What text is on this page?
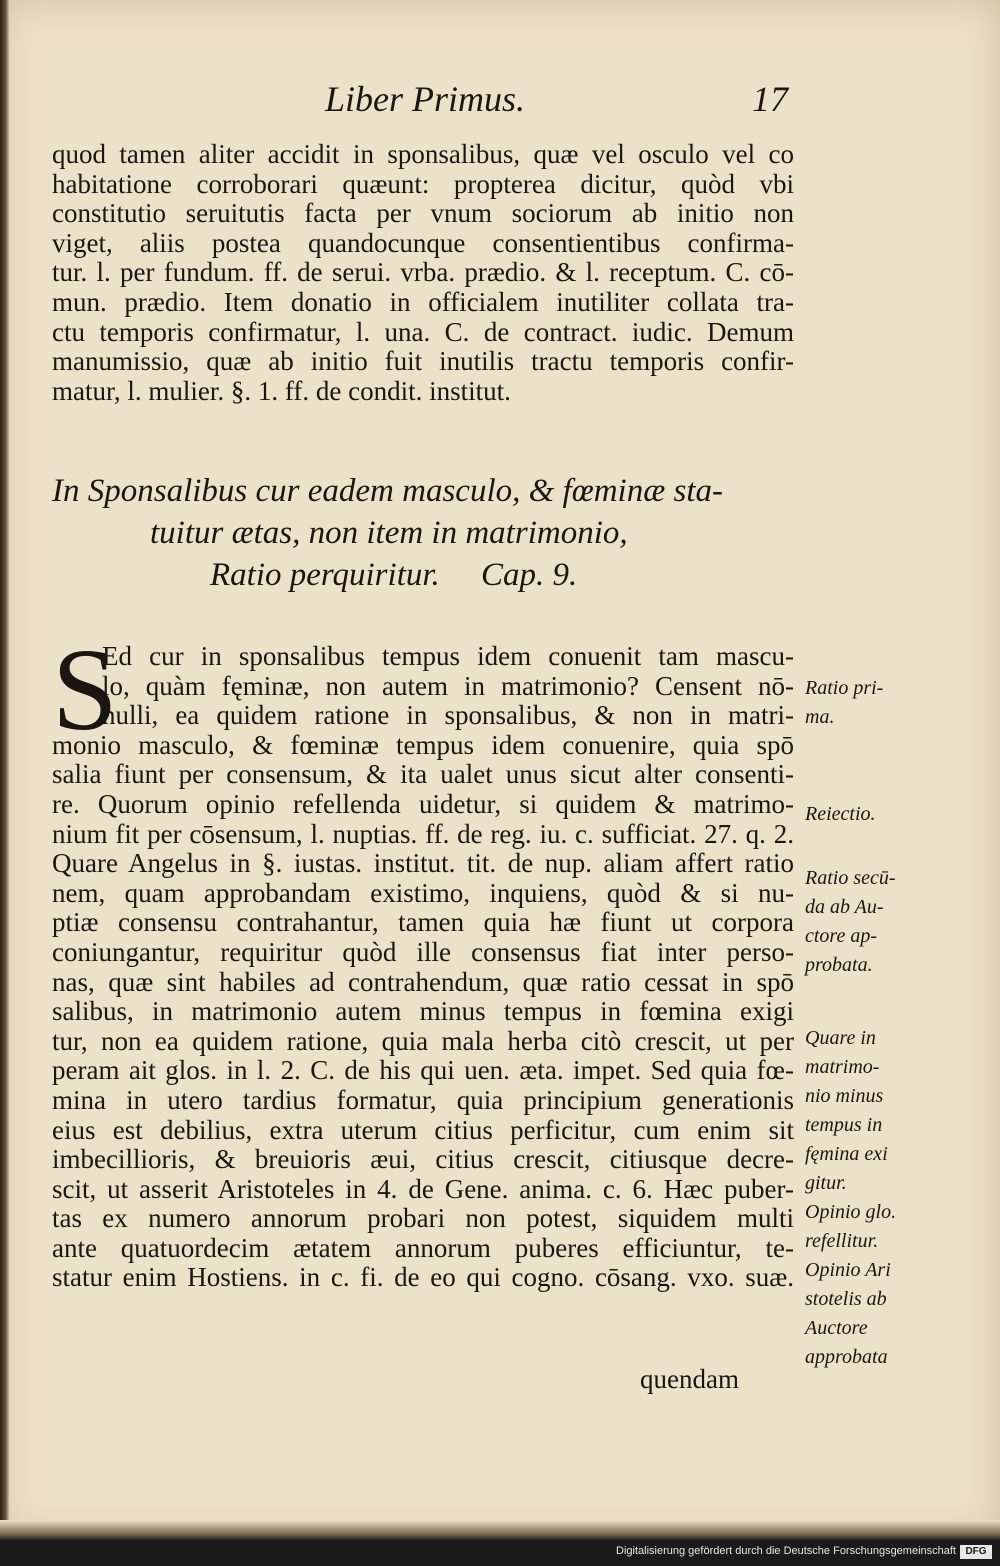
Liber Primus.	17
quod tamen aliter accidit in sponsalibus, quæ vel osculo vel co
habitatione corroborari quæunt: propterea dicitur, quòd vbi
constitutio seruitutis facta per vnum sociorum ab initio non
viget, aliis postea quandocunque consentientibus confirma-
tur. l. per fundum. ff. de serui. vrba. prædio. & l. receptum. C. cō-
mun. prædio. Item donatio in officialem inutiliter collata tra-
ctu temporis confirmatur, l. una. C. de contract. iudic. Demum
manumissio, quæ ab initio fuit inutilis tractu temporis confir-
matur, l. mulier. §. 1. ff. de condit. institut.
In Sponsalibus cur eadem masculo, & fœminæ sta-
tuitur ætas, non item in matrimonio,
Ratio perquiritur.     Cap. 9.
S
Ed cur in sponsalibus tempus idem conuenit tam mascu-
lo, quàm fęminæ, non autem in matrimonio? Censent nō-
nulli, ea quidem ratione in sponsalibus, & non in matri-
monio masculo, & fœminæ tempus idem conuenire, quia spō
salia fiunt per consensum, & ita ualet unus sicut alter consenti-
re. Quorum opinio refellenda uidetur, si quidem & matrimo-
nium fit per cōsensum, l. nuptias. ff. de reg. iu. c. sufficiat. 27. q. 2.
Quare Angelus in §. iustas. institut. tit. de nup. aliam affert ratio
nem, quam approbandam existimo, inquiens, quòd & si nu-
ptiæ consensu contrahantur, tamen quia hæ fiunt ut corpora
coniungantur, requiritur quòd ille consensus fiat inter perso-
nas, quæ sint habiles ad contrahendum, quæ ratio cessat in spō
salibus, in matrimonio autem minus tempus in fœmina exigi
tur, non ea quidem ratione, quia mala herba citò crescit, ut per
peram ait glos. in l. 2. C. de his qui uen. æta. impet. Sed quia fœ-
mina in utero tardius formatur, quia principium generationis
eius est debilius, extra uterum citius perficitur, cum enim sit
imbecillioris, & breuioris æui, citius crescit, citiusque decre-
scit, ut asserit Aristoteles in 4. de Gene. anima. c. 6. Hæc puber-
tas ex numero annorum probari non potest, siquidem multi
ante quatuordecim ætatem annorum puberes efficiuntur, te-
statur enim Hostiens. in c. fi. de eo qui cogno. cōsang. vxo. suæ.
quendam
Ratio pri-
ma.
Reiectio.
Ratio secū-
da ab Au-
ctore ap-
probata.
Quare in
matrimo-
nio minus
tempus in
fęmina exi
gitur.
Opinio glo.
refellitur.
Opinio Ari
stotelis ab
Auctore
approbata
Digitalisierung gefördert durch die Deutsche Forschungsgemeinschaft DFG
